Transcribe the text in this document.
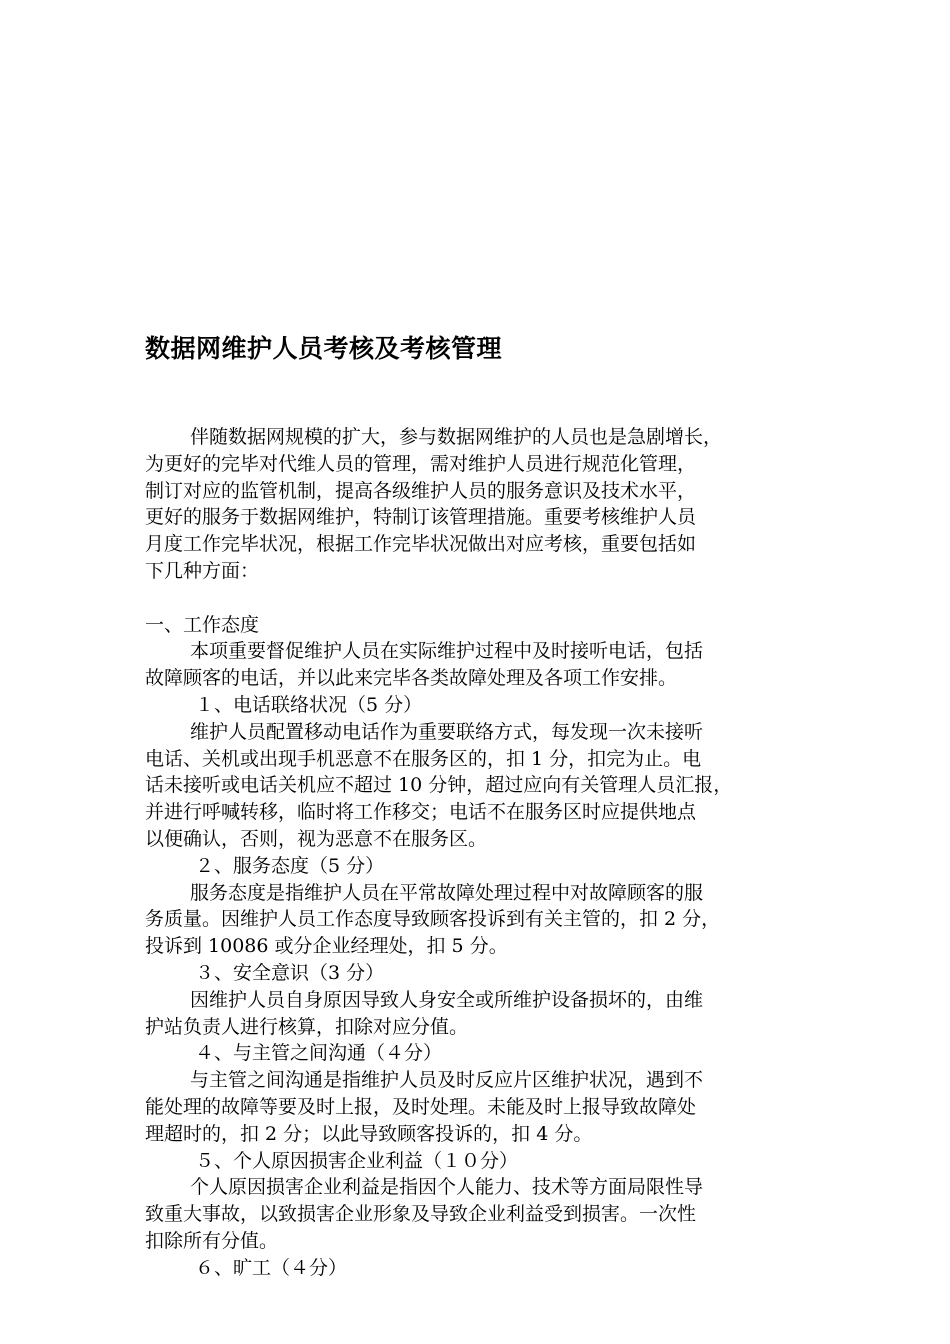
数据网维护人员考核及考核管理
伴随数据网规模的扩大，参与数据网维护的人员也是急剧增长，
为更好的完毕对代维人员的管理，需对维护人员进行规范化管理，
制订对应的监管机制，提高各级维护人员的服务意识及技术水平，
更好的服务于数据网维护，特制订该管理措施。重要考核维护人员
月度工作完毕状况，根据工作完毕状况做出对应考核，重要包括如
下几种方面：
一、工作态度
本项重要督促维护人员在实际维护过程中及时接听电话，包括
故障顾客的电话，并以此来完毕各类故障处理及各项工作安排。
１、电话联络状况（5 分）
维护人员配置移动电话作为重要联络方式，每发现一次未接听
电话、关机或出现手机恶意不在服务区的，扣 1 分，扣完为止。电
话未接听或电话关机应不超过 10 分钟，超过应向有关管理人员汇报，
并进行呼喊转移，临时将工作移交；电话不在服务区时应提供地点
以便确认，否则，视为恶意不在服务区。
２、服务态度（5 分）
服务态度是指维护人员在平常故障处理过程中对故障顾客的服
务质量。因维护人员工作态度导致顾客投诉到有关主管的，扣 2 分，
投诉到 10086 或分企业经理处，扣 5 分。
３、安全意识（3 分）
因维护人员自身原因导致人身安全或所维护设备损坏的，由维
护站负责人进行核算，扣除对应分值。
４、与主管之间沟通（４分）
与主管之间沟通是指维护人员及时反应片区维护状况，遇到不
能处理的故障等要及时上报，及时处理。未能及时上报导致故障处
理超时的，扣 2 分；以此导致顾客投诉的，扣 4 分。
５、个人原因损害企业利益（１０分）
个人原因损害企业利益是指因个人能力、技术等方面局限性导
致重大事故，以致损害企业形象及导致企业利益受到损害。一次性
扣除所有分值。
６、旷工（４分）
